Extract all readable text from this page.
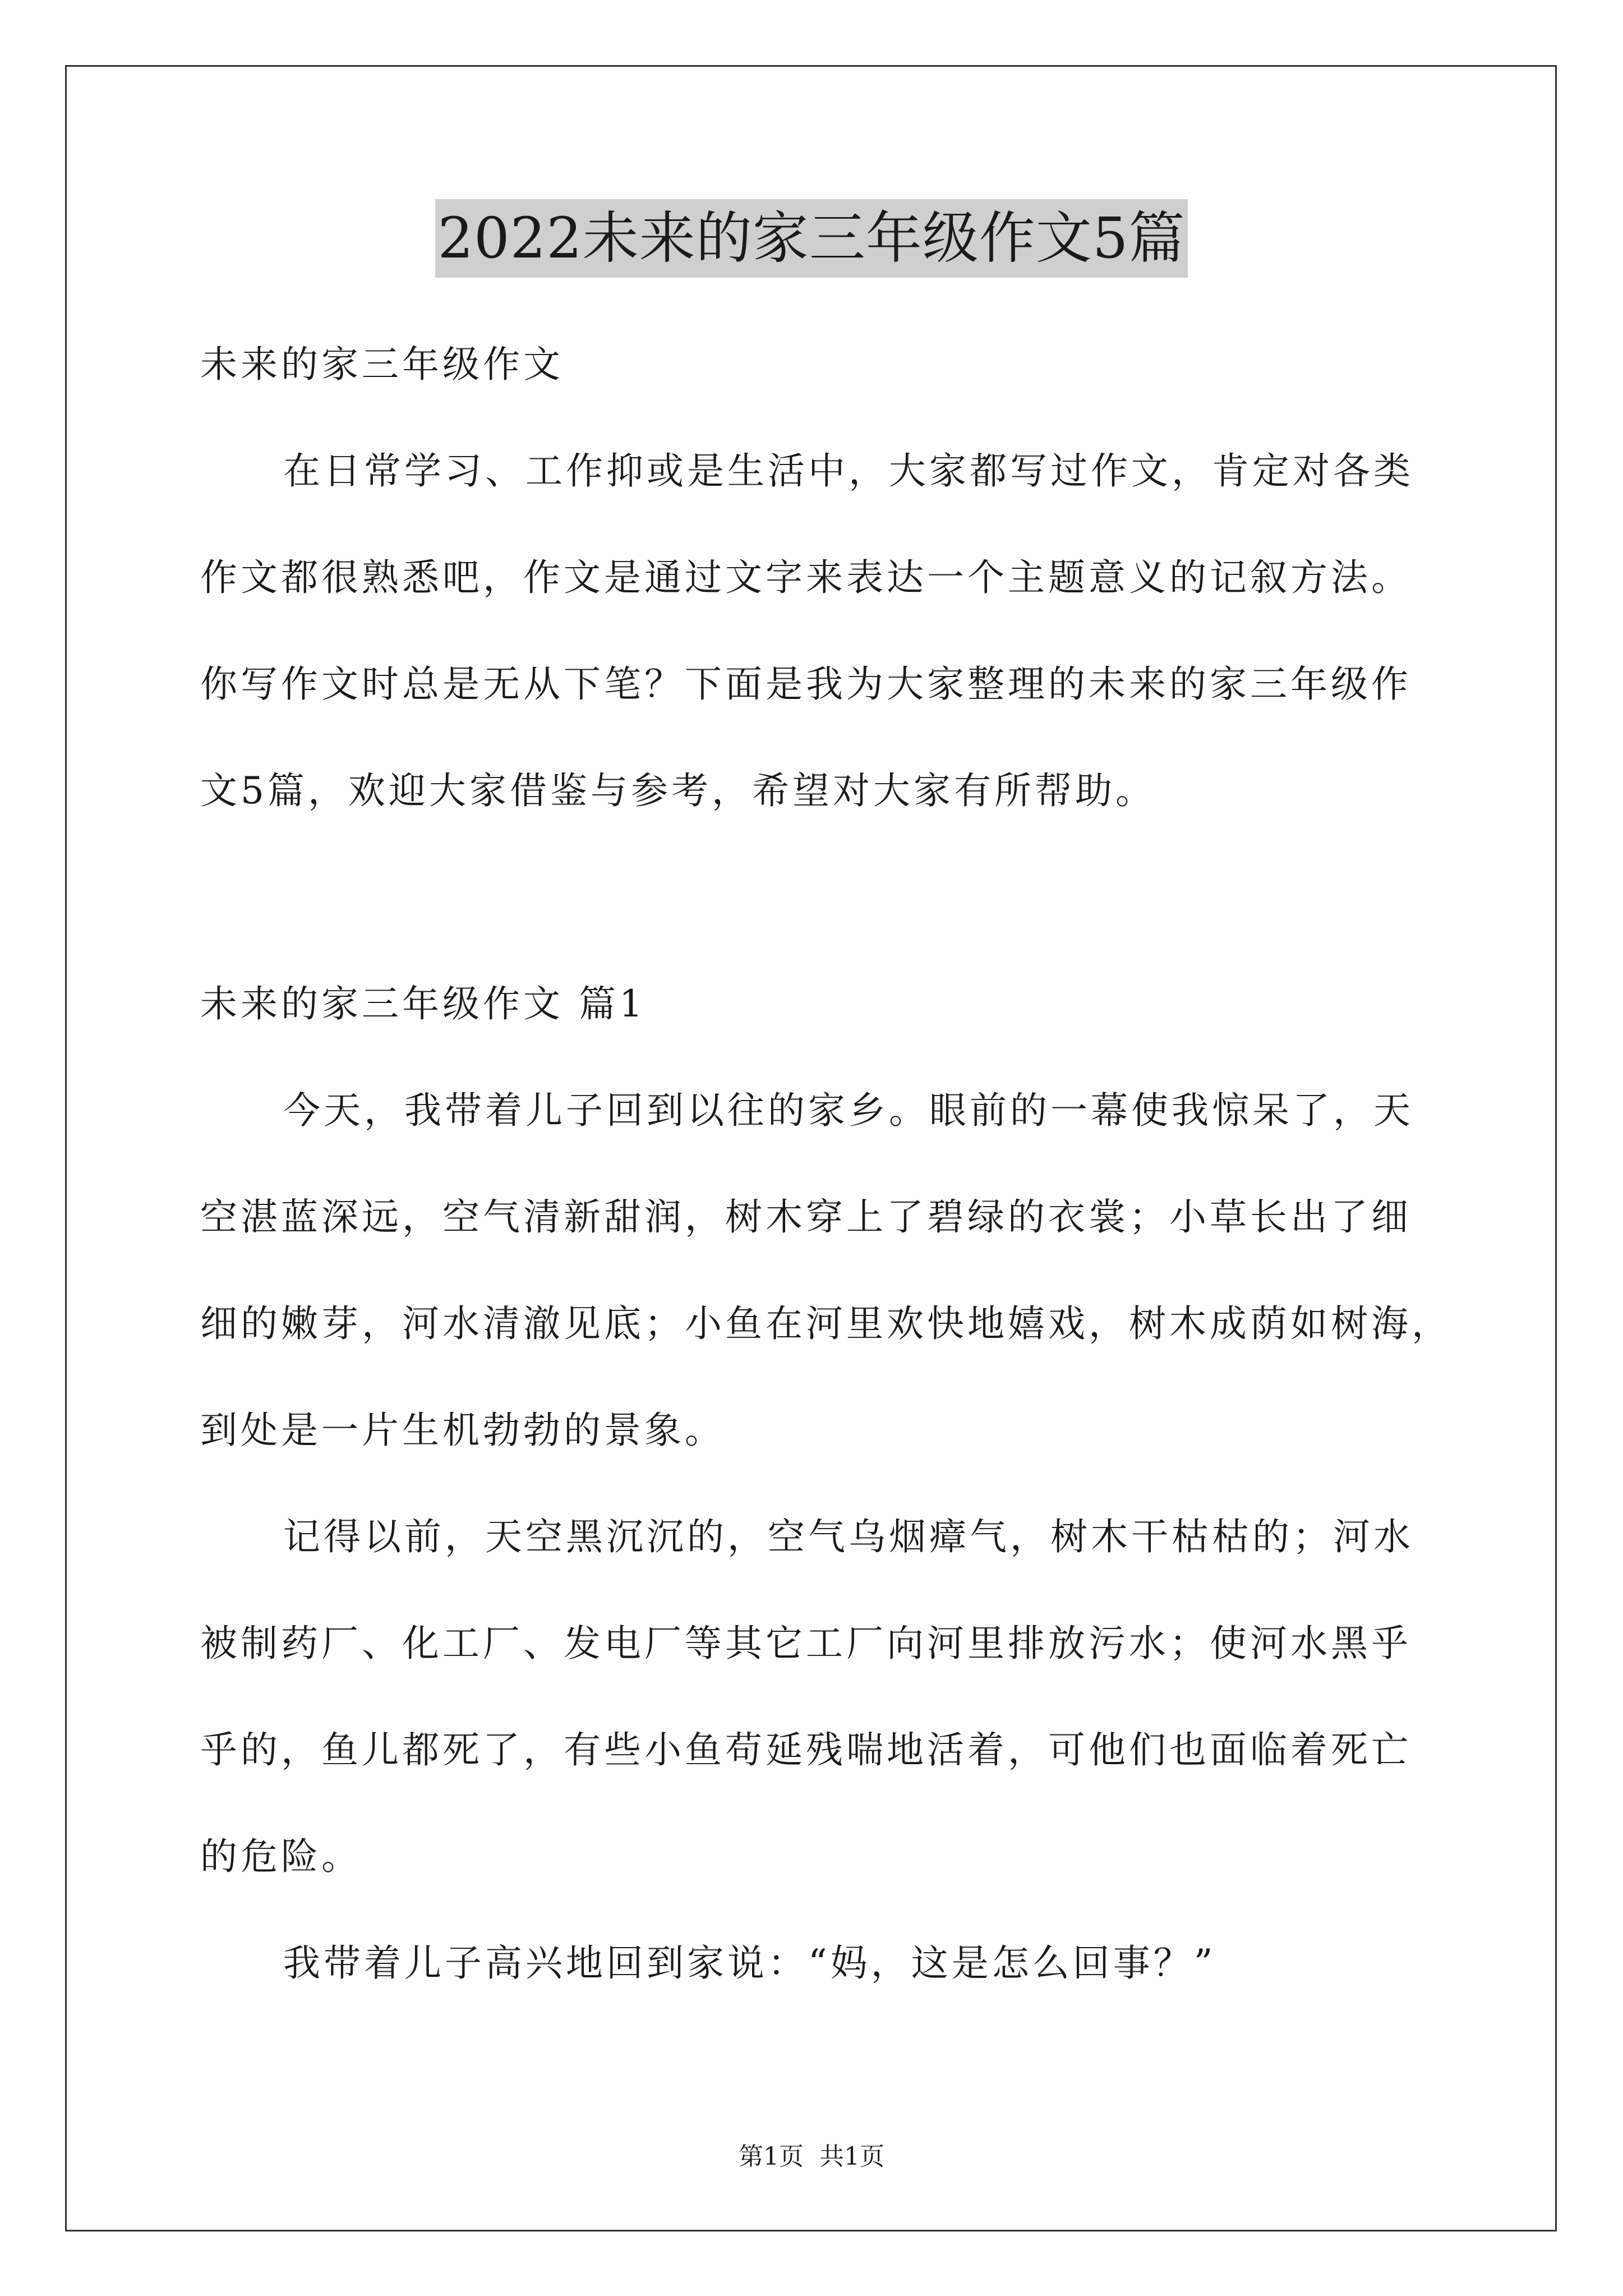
2022未来的家三年级作文5篇
未来的家三年级作文
在日常学习、工作抑或是生活中，大家都写过作文，肯定对各类
作文都很熟悉吧，作文是通过文字来表达一个主题意义的记叙方法。
你写作文时总是无从下笔？下面是我为大家整理的未来的家三年级作
文5篇，欢迎大家借鉴与参考，希望对大家有所帮助。
未来的家三年级作文 篇1
今天，我带着儿子回到以往的家乡。眼前的一幕使我惊呆了，天
空湛蓝深远，空气清新甜润，树木穿上了碧绿的衣裳；小草长出了细
细的嫩芽，河水清澈见底；小鱼在河里欢快地嬉戏，树木成荫如树海，
到处是一片生机勃勃的景象。
记得以前，天空黑沉沉的，空气乌烟瘴气，树木干枯枯的；河水
被制药厂、化工厂、发电厂等其它工厂向河里排放污水；使河水黑乎
乎的，鱼儿都死了，有些小鱼苟延残喘地活着，可他们也面临着死亡
的危险。
我带着儿子高兴地回到家说：“妈，这是怎么回事？”
第1页 共1页
